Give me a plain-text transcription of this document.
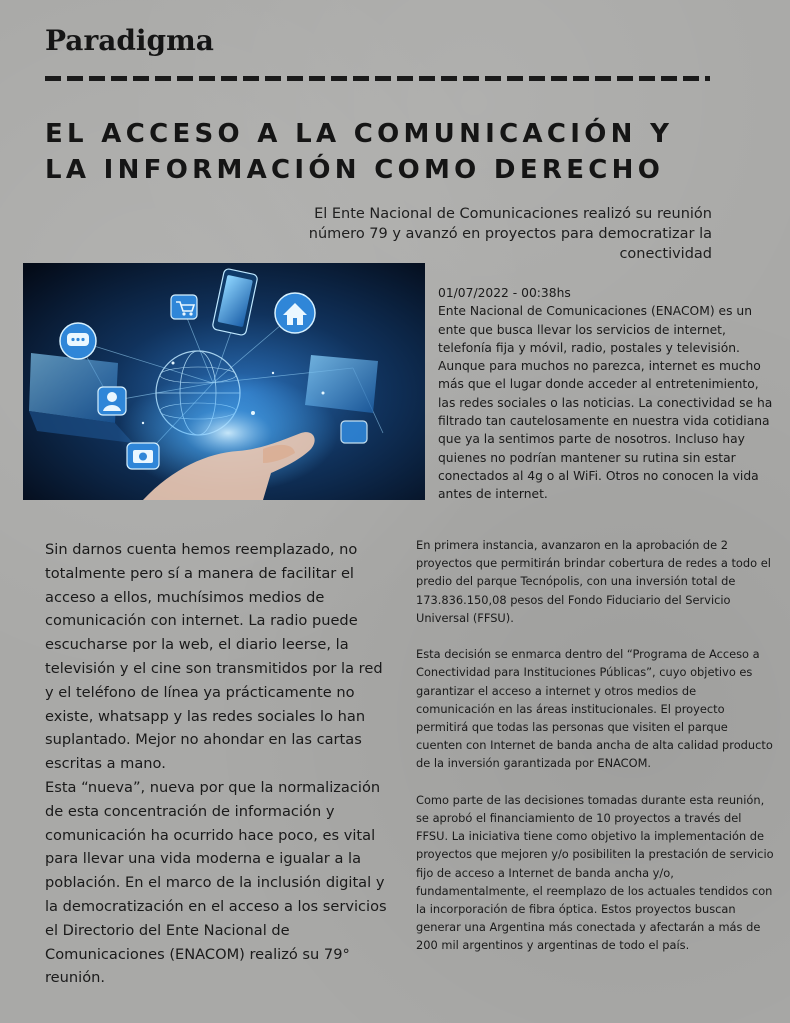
Paradigma
EL ACCESO A LA COMUNICACIÓN Y
LA INFORMACIÓN COMO DERECHO

El Ente Nacional de Comunicaciones realizó su reunión número 79 y avanzó en proyectos para democratizar la conectividad

01/07/2022 - 00:38hs
Ente Nacional de Comunicaciones (ENACOM) es un ente que busca llevar los servicios de internet, telefonía fija y móvil, radio, postales y televisión. Aunque para muchos no parezca, internet es mucho más que el lugar donde acceder al entretenimiento, las redes sociales o las noticias. La conectividad se ha filtrado tan cautelosamente en nuestra vida cotidiana que ya la sentimos parte de nosotros. Incluso hay quienes no podrían mantener su rutina sin estar conectados al 4g o al WiFi. Otros no conocen la vida antes de internet.

Sin darnos cuenta hemos reemplazado, no totalmente pero sí a manera de facilitar el acceso a ellos, muchísimos medios de comunicación con internet. La radio puede escucharse por la web, el diario leerse, la televisión y el cine son transmitidos por la red y el teléfono de línea ya prácticamente no existe, whatsapp y las redes sociales lo han suplantado. Mejor no ahondar en las cartas escritas a mano.

Esta “nueva”, nueva por que la normalización de esta concentración de información y comunicación ha ocurrido hace poco, es vital para llevar una vida moderna e igualar a la población. En el marco de la inclusión digital y la democratización en el acceso a los servicios el Directorio del Ente Nacional de Comunicaciones (ENACOM) realizó su 79° reunión.

En primera instancia, avanzaron en la aprobación de 2 proyectos que permitirán brindar cobertura de redes a todo el predio del parque Tecnópolis, con una inversión total de 173.836.150,08 pesos del Fondo Fiduciario del Servicio Universal (FFSU).

Esta decisión se enmarca dentro del “Programa de Acceso a Conectividad para Instituciones Públicas”, cuyo objetivo es garantizar el acceso a internet y otros medios de comunicación en las áreas institucionales. El proyecto permitirá que todas las personas que visiten el parque cuenten con Internet de banda ancha de alta calidad producto de la inversión garantizada por ENACOM.

Como parte de las decisiones tomadas durante esta reunión, se aprobó el financiamiento de 10 proyectos a través del FFSU. La iniciativa tiene como objetivo la implementación de proyectos que mejoren y/o posibiliten la prestación de servicio fijo de acceso a Internet de banda ancha y/o, fundamentalmente, el reemplazo de los actuales tendidos con la incorporación de fibra óptica. Estos proyectos buscan generar una Argentina más conectada y afectarán a más de 200 mil argentinos y argentinas de todo el país.
